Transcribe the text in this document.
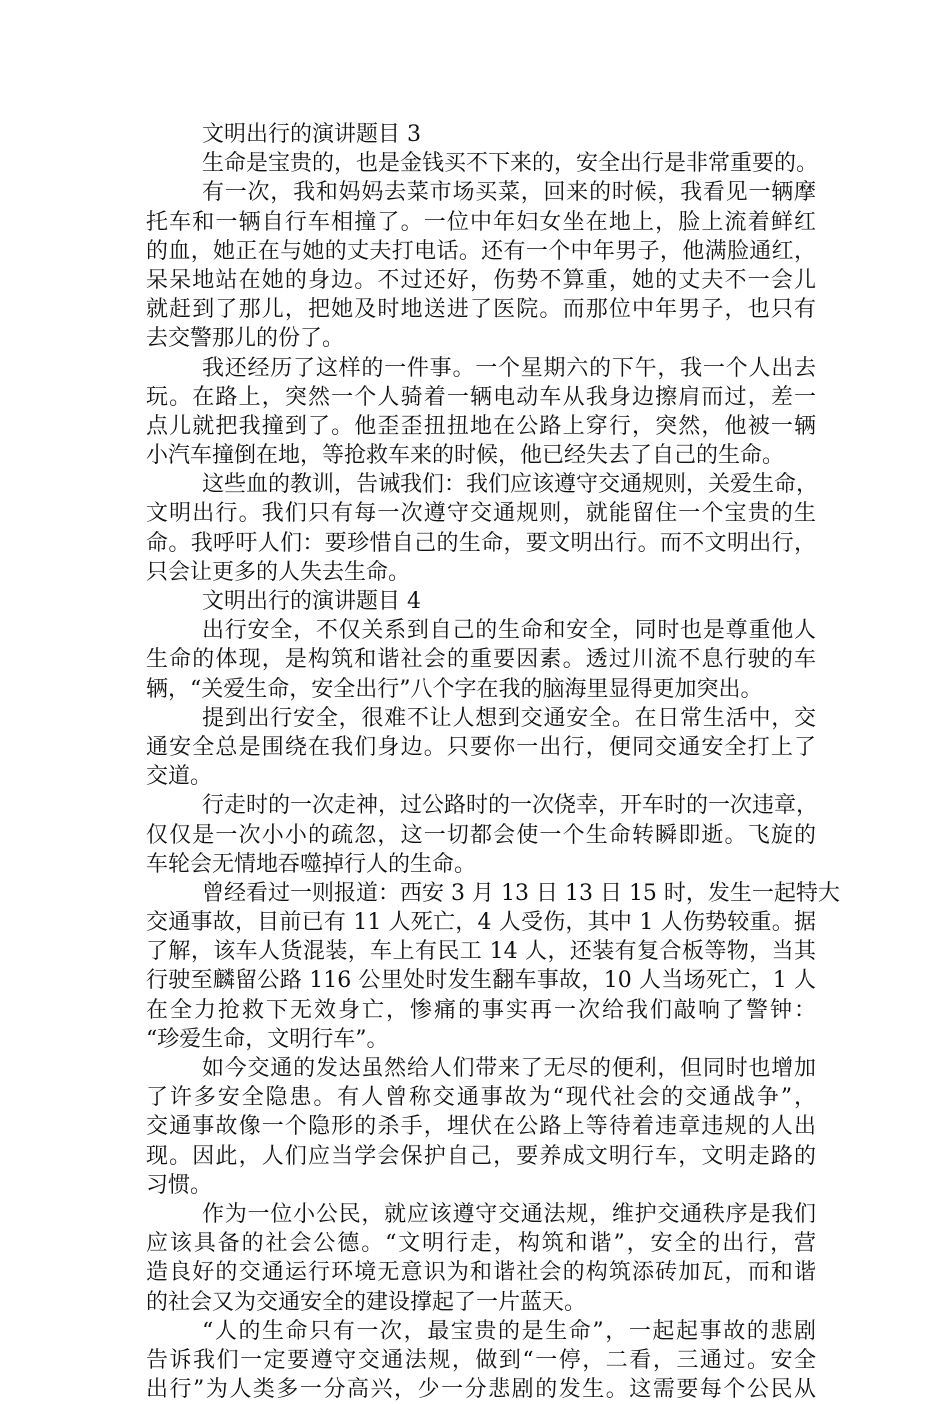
文明出行的演讲题目 3
生命是宝贵的，也是金钱买不下来的，安全出行是非常重要的。
有一次，我和妈妈去菜市场买菜，回来的时候，我看见一辆摩
托车和一辆自行车相撞了。一位中年妇女坐在地上，脸上流着鲜红
的血，她正在与她的丈夫打电话。还有一个中年男子，他满脸通红，
呆呆地站在她的身边。不过还好，伤势不算重，她的丈夫不一会儿
就赶到了那儿，把她及时地送进了医院。而那位中年男子，也只有
去交警那儿的份了。
我还经历了这样的一件事。一个星期六的下午，我一个人出去
玩。在路上，突然一个人骑着一辆电动车从我身边擦肩而过，差一
点儿就把我撞到了。他歪歪扭扭地在公路上穿行，突然，他被一辆
小汽车撞倒在地，等抢救车来的时候，他已经失去了自己的生命。
这些血的教训，告诫我们：我们应该遵守交通规则，关爱生命，
文明出行。我们只有每一次遵守交通规则，就能留住一个宝贵的生
命。我呼吁人们：要珍惜自己的生命，要文明出行。而不文明出行，
只会让更多的人失去生命。
文明出行的演讲题目 4
出行安全，不仅关系到自己的生命和安全，同时也是尊重他人
生命的体现，是构筑和谐社会的重要因素。透过川流不息行驶的车
辆，“关爱生命，安全出行”八个字在我的脑海里显得更加突出。
提到出行安全，很难不让人想到交通安全。在日常生活中，交
通安全总是围绕在我们身边。只要你一出行，便同交通安全打上了
交道。
行走时的一次走神，过公路时的一次侥幸，开车时的一次违章，
仅仅是一次小小的疏忽，这一切都会使一个生命转瞬即逝。飞旋的
车轮会无情地吞噬掉行人的生命。
曾经看过一则报道：西安 3 月 13 日 13 日 15 时，发生一起特大
交通事故，目前已有 11 人死亡，4 人受伤，其中 1 人伤势较重。据
了解，该车人货混装，车上有民工 14 人，还装有复合板等物，当其
行驶至麟留公路 116 公里处时发生翻车事故，10 人当场死亡，1 人
在全力抢救下无效身亡，惨痛的事实再一次给我们敲响了警钟：
“珍爱生命，文明行车”。
如今交通的发达虽然给人们带来了无尽的便利，但同时也增加
了许多安全隐患。有人曾称交通事故为“现代社会的交通战争”，
交通事故像一个隐形的杀手，埋伏在公路上等待着违章违规的人出
现。因此，人们应当学会保护自己，要养成文明行车，文明走路的
习惯。
作为一位小公民，就应该遵守交通法规，维护交通秩序是我们
应该具备的社会公德。“文明行走，构筑和谐”，安全的出行，营
造良好的交通运行环境无意识为和谐社会的构筑添砖加瓦，而和谐
的社会又为交通安全的建设撑起了一片蓝天。
“人的生命只有一次，最宝贵的是生命”，一起起事故的悲剧
告诉我们一定要遵守交通法规，做到“一停，二看，三通过。安全
出行”为人类多一分高兴，少一分悲剧的发生。这需要每个公民从
